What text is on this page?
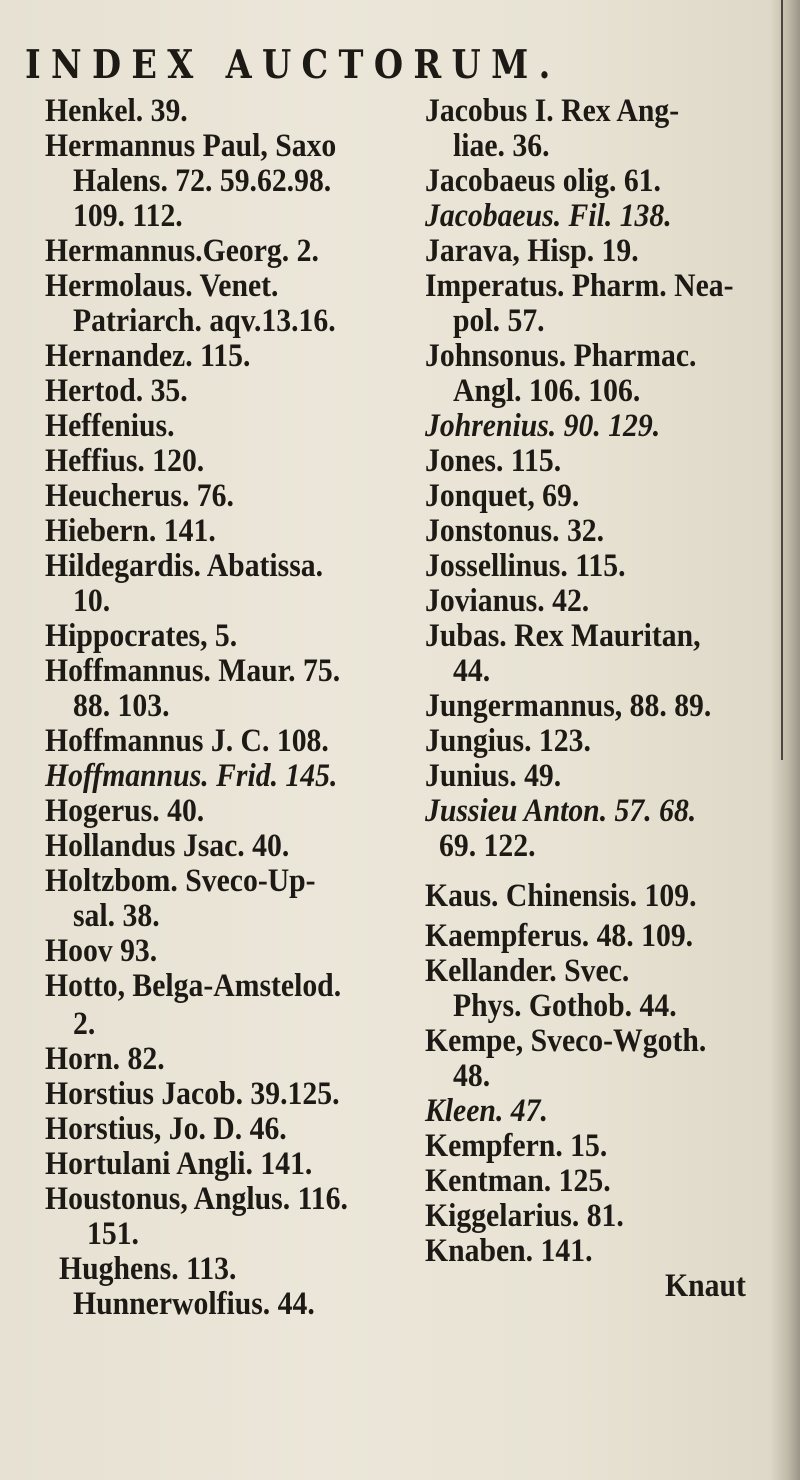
INDEX AUCTORUM.
Henkel. 39.
Hermannus Paul, Saxo
Halens. 72. 59.62.98.
109. 112.
Hermannus.Georg. 2.
Hermolaus. Venet.
Patriarch. aqv.13.16.
Hernandez. 115.
Hertod. 35.
Heffenius.
Heffius. 120.
Heucherus. 76.
Hiebern. 141.
Hildegardis. Abatissa.
10.
Hippocrates, 5.
Hoffmannus. Maur. 75.
88. 103.
Hoffmannus J. C. 108.
Hoffmannus. Frid. 145.
Hogerus. 40.
Hollandus Jsac. 40.
Holtzbom. Sveco-Up-
sal. 38.
Hoov 93.
Hotto, Belga-Amstelod.
2.
Horn. 82.
Horstius Jacob. 39.125.
Horstius, Jo. D. 46.
Hortulani Angli. 141.
Houstonus, Anglus. 116.
151.
Hughens. 113.
Hunnerwolfius. 44.
Jacobus I. Rex Ang-
liae. 36.
Jacobaeus olig. 61.
Jacobaeus. Fil. 138.
Jarava, Hisp. 19.
Imperatus. Pharm. Nea-
pol. 57.
Johnsonus. Pharmac.
Angl. 106. 106.
Johrenius. 90. 129.
Jones. 115.
Jonquet, 69.
Jonstonus. 32.
Jossellinus. 115.
Jovianus. 42.
Jubas. Rex Mauritan,
44.
Jungermannus, 88. 89.
Jungius. 123.
Junius. 49.
Jussieu Anton. 57. 68.
69. 122.
Kaus. Chinensis. 109.
Kaempferus. 48. 109.
Kellander. Svec.
Phys. Gothob. 44.
Kempe, Sveco-Wgoth.
48.
Kleen. 47.
Kempfern. 15.
Kentman. 125.
Kiggelarius. 81.
Knaben. 141.
Knaut
